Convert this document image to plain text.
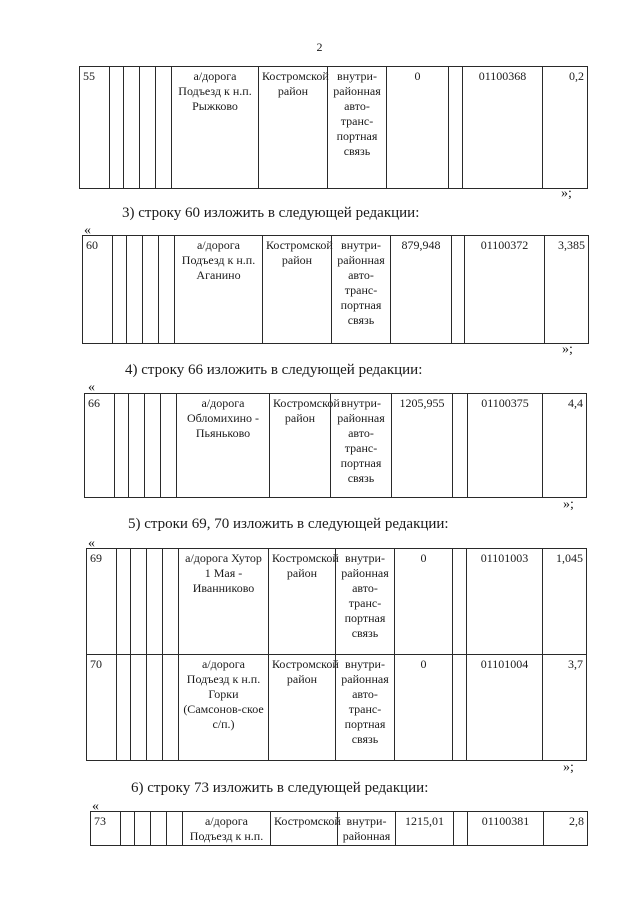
2
55					а/дорога Подъезд к н.п. Рыжково	Костромской район	внутри-районная авто-транс-портная связь	0		01100368	0,2
»;
3) строку 60 изложить в следующей редакции:
«
60					а/дорога Подъезд к н.п. Аганино	Костромской район	внутри-районная авто-транс-портная связь	879,948		01100372	3,385
»;
4) строку 66 изложить в следующей редакции:
«
66					а/дорога Обломихино - Пьяньково	Костромской район	внутри-районная авто-транс-портная связь	1205,955		01100375	4,4
»;
5) строки 69, 70 изложить в следующей редакции:
«
69					а/дорога Хутор 1 Мая - Иванниково	Костромской район	внутри-районная авто-транс-портная связь	0		01101003	1,045
70					а/дорога Подъезд к н.п. Горки (Самсонов-ское с/п.)	Костромской район	внутри-районная авто-транс-портная связь	0		01101004	3,7
»;
6) строку 73 изложить в следующей редакции:
«
73					а/дорога Подъезд к н.п.	Костромской	внутри-районная	1215,01		01100381	2,8
